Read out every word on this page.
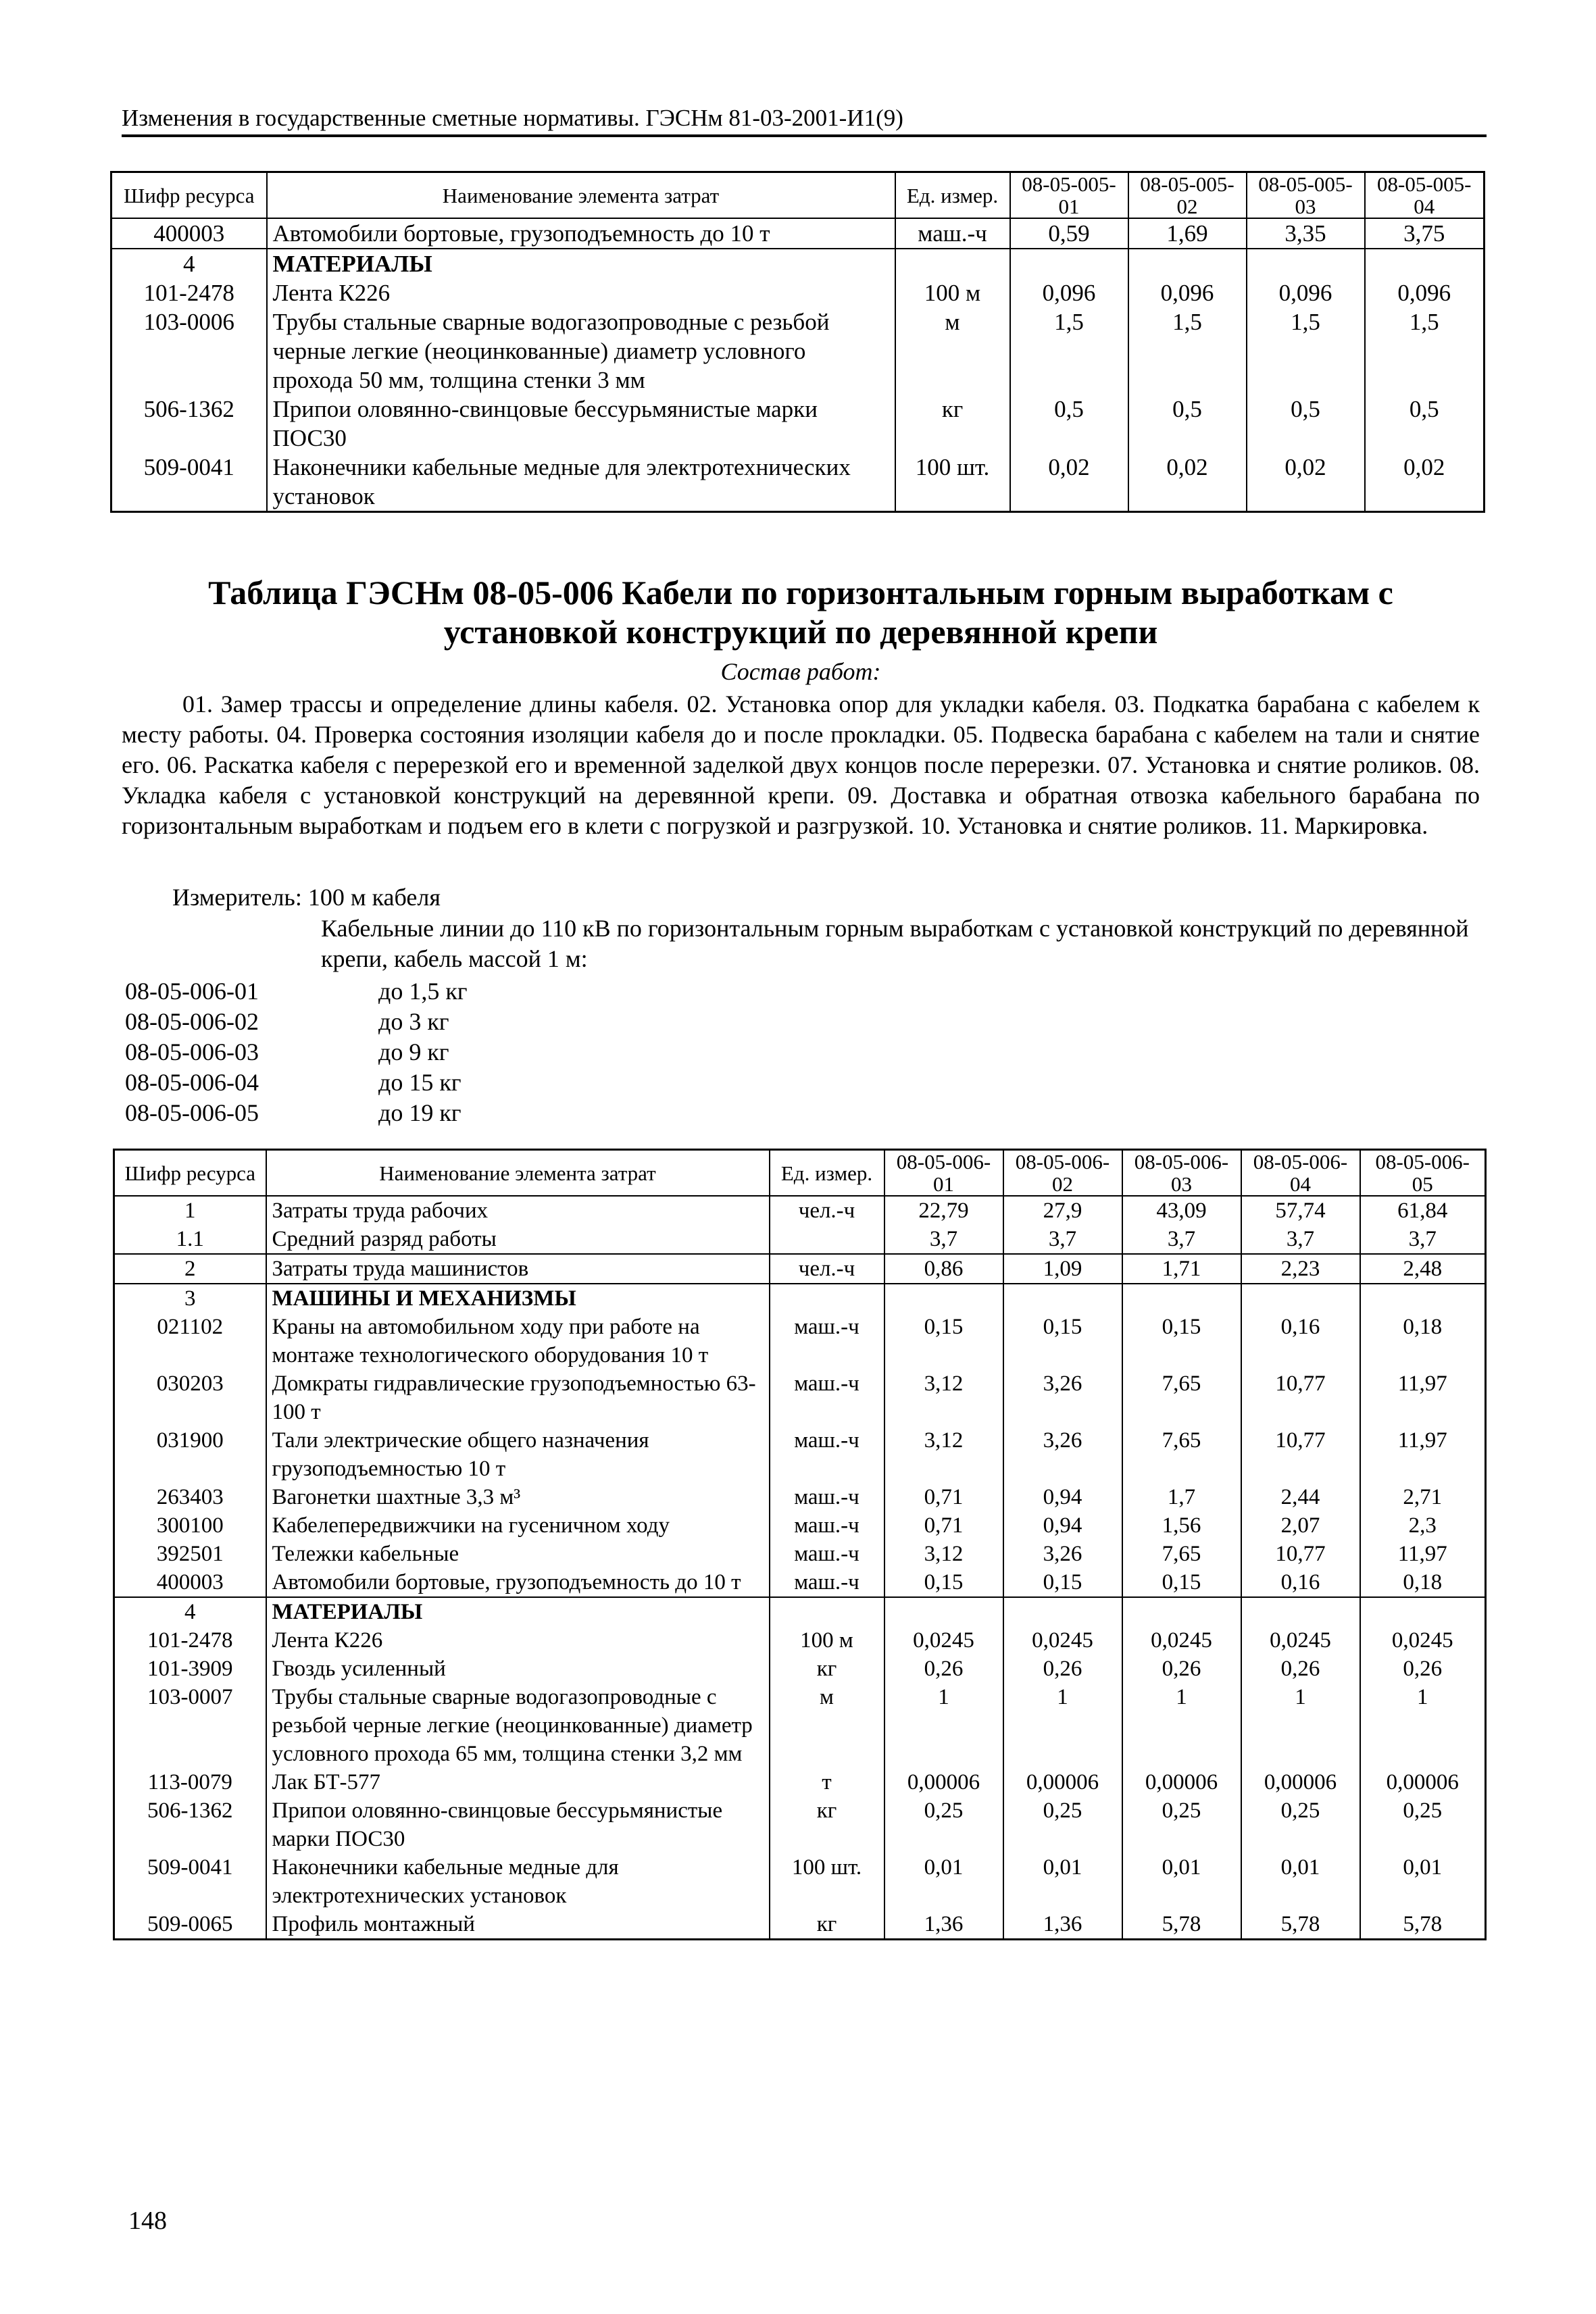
Изменения в государственные сметные нормативы. ГЭСНм 81-03-2001-И1(9)
Шифр ресурса	Наименование элемента затрат	Ед. измер.	08-05-005-01	08-05-005-02	08-05-005-03	08-05-005-04
400003	Автомобили бортовые, грузоподъемность до 10 т	маш.-ч	0,59	1,69	3,35	3,75
4	МАТЕРИАЛЫ					
101-2478	Лента К226	100 м	0,096	0,096	0,096	0,096
103-0006	Трубы стальные сварные водогазопроводные с резьбой черные легкие (неоцинкованные) диаметр условного прохода 50 мм, толщина стенки 3 мм	м	1,5	1,5	1,5	1,5
506-1362	Припои оловянно-свинцовые бессурьмянистые марки ПОС30	кг	0,5	0,5	0,5	0,5
509-0041	Наконечники кабельные медные для электротехнических установок	100 шт.	0,02	0,02	0,02	0,02
Таблица ГЭСНм 08-05-006 Кабели по горизонтальным горным выработкам с
установкой конструкций по деревянной крепи
Состав работ:
01. Замер трассы и определение длины кабеля. 02. Установка опор для укладки кабеля. 03. Подкатка барабана с кабелем к месту работы. 04. Проверка состояния изоляции кабеля до и после прокладки. 05. Подвеска барабана с кабелем на тали и снятие его. 06. Раскатка кабеля с перерезкой его и временной заделкой двух концов после перерезки. 07. Установка и снятие роликов. 08. Укладка кабеля с установкой конструкций на деревянной крепи. 09. Доставка и обратная отвозка кабельного барабана по горизонтальным выработкам и подъем его в клети с погрузкой и разгрузкой. 10. Установка и снятие роликов. 11. Маркировка.
Измеритель: 100 м кабеля
Кабельные линии до 110 кВ по горизонтальным горным выработкам с установкой конструкций по деревянной крепи, кабель массой 1 м:
08-05-006-01	до 1,5 кг
08-05-006-02	до 3 кг
08-05-006-03	до 9 кг
08-05-006-04	до 15 кг
08-05-006-05	до 19 кг
Шифр ресурса	Наименование элемента затрат	Ед. измер.	08-05-006-01	08-05-006-02	08-05-006-03	08-05-006-04	08-05-006-05
1	Затраты труда рабочих	чел.-ч	22,79	27,9	43,09	57,74	61,84
1.1	Средний разряд работы		3,7	3,7	3,7	3,7	3,7
2	Затраты труда машинистов	чел.-ч	0,86	1,09	1,71	2,23	2,48
3	МАШИНЫ И МЕХАНИЗМЫ						
021102	Краны на автомобильном ходу при работе на монтаже технологического оборудования 10 т	маш.-ч	0,15	0,15	0,15	0,16	0,18
030203	Домкраты гидравлические грузоподъемностью 63-100 т	маш.-ч	3,12	3,26	7,65	10,77	11,97
031900	Тали электрические общего назначения грузоподъемностью 10 т	маш.-ч	3,12	3,26	7,65	10,77	11,97
263403	Вагонетки шахтные 3,3 м³	маш.-ч	0,71	0,94	1,7	2,44	2,71
300100	Кабелепередвижчики на гусеничном ходу	маш.-ч	0,71	0,94	1,56	2,07	2,3
392501	Тележки кабельные	маш.-ч	3,12	3,26	7,65	10,77	11,97
400003	Автомобили бортовые, грузоподъемность до 10 т	маш.-ч	0,15	0,15	0,15	0,16	0,18
4	МАТЕРИАЛЫ						
101-2478	Лента К226	100 м	0,0245	0,0245	0,0245	0,0245	0,0245
101-3909	Гвоздь усиленный	кг	0,26	0,26	0,26	0,26	0,26
103-0007	Трубы стальные сварные водогазопроводные с резьбой черные легкие (неоцинкованные) диаметр условного прохода 65 мм, толщина стенки 3,2 мм	м	1	1	1	1	1
113-0079	Лак БТ-577	т	0,00006	0,00006	0,00006	0,00006	0,00006
506-1362	Припои оловянно-свинцовые бессурьмянистые марки ПОС30	кг	0,25	0,25	0,25	0,25	0,25
509-0041	Наконечники кабельные медные для электротехнических установок	100 шт.	0,01	0,01	0,01	0,01	0,01
509-0065	Профиль монтажный	кг	1,36	1,36	5,78	5,78	5,78
148
